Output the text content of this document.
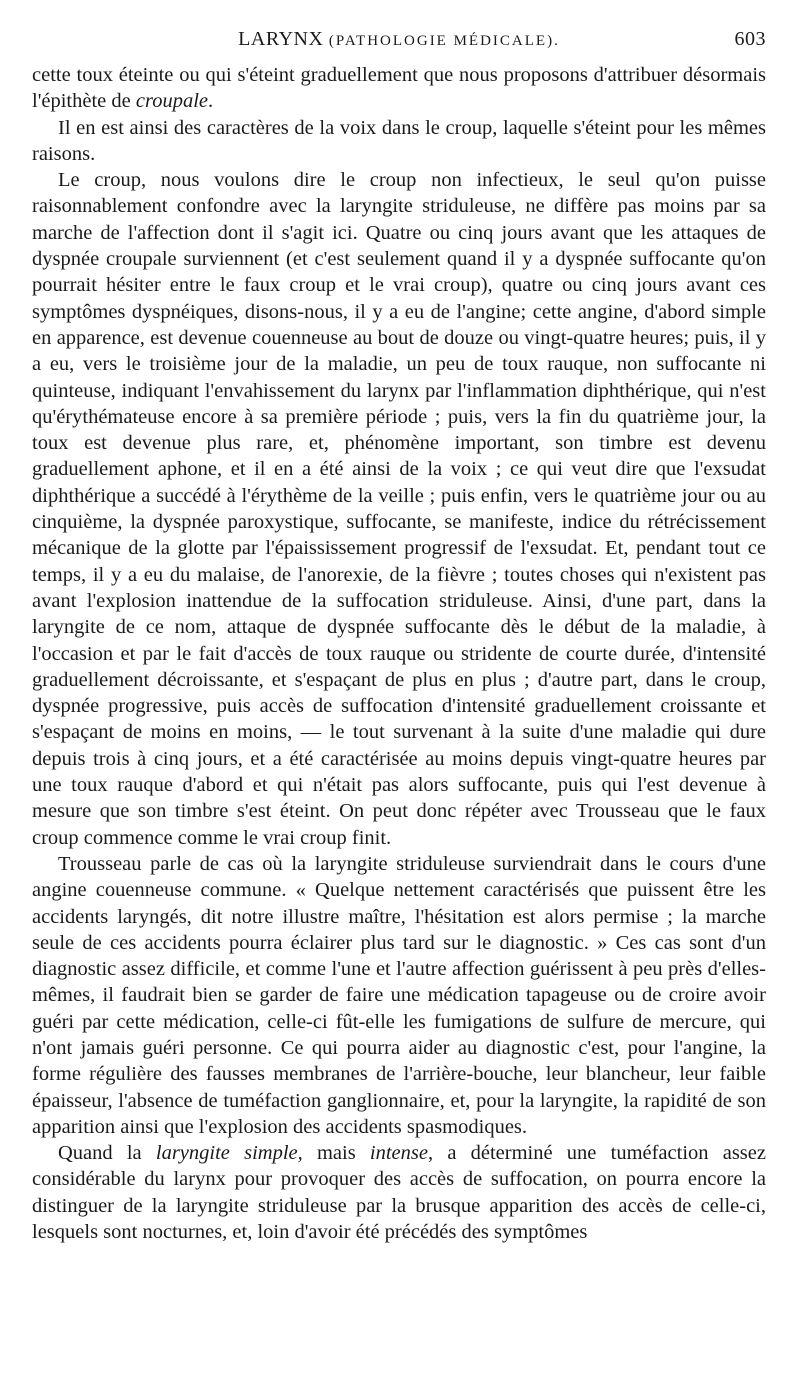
LARYNX (PATHOLOGIE MÉDICALE).	603

cette toux éteinte ou qui s'éteint graduellement que nous proposons d'attribuer désormais l'épithète de croupale.

Il en est ainsi des caractères de la voix dans le croup, laquelle s'éteint pour les mêmes raisons.

Le croup, nous voulons dire le croup non infectieux, le seul qu'on puisse raisonnablement confondre avec la laryngite striduleuse, ne diffère pas moins par sa marche de l'affection dont il s'agit ici. Quatre ou cinq jours avant que les attaques de dyspnée croupale surviennent (et c'est seulement quand il y a dyspnée suffocante qu'on pourrait hésiter entre le faux croup et le vrai croup), quatre ou cinq jours avant ces symptômes dyspnéiques, disons-nous, il y a eu de l'angine; cette angine, d'abord simple en apparence, est devenue couenneuse au bout de douze ou vingt-quatre heures; puis, il y a eu, vers le troisième jour de la maladie, un peu de toux rauque, non suffocante ni quinteuse, indiquant l'envahissement du larynx par l'inflammation diphthérique, qui n'est qu'érythémateuse encore à sa première période ; puis, vers la fin du quatrième jour, la toux est devenue plus rare, et, phénomène important, son timbre est devenu graduellement aphone, et il en a été ainsi de la voix ; ce qui veut dire que l'exsudat diphthérique a succédé à l'érythème de la veille ; puis enfin, vers le quatrième jour ou au cinquième, la dyspnée paroxystique, suffocante, se manifeste, indice du rétrécissement mécanique de la glotte par l'épaississement progressif de l'exsudat. Et, pendant tout ce temps, il y a eu du malaise, de l'anorexie, de la fièvre ; toutes choses qui n'existent pas avant l'explosion inattendue de la suffocation striduleuse. Ainsi, d'une part, dans la laryngite de ce nom, attaque de dyspnée suffocante dès le début de la maladie, à l'occasion et par le fait d'accès de toux rauque ou stridente de courte durée, d'intensité graduellement décroissante, et s'espaçant de plus en plus ; d'autre part, dans le croup, dyspnée progressive, puis accès de suffocation d'intensité graduellement croissante et s'espaçant de moins en moins, — le tout survenant à la suite d'une maladie qui dure depuis trois à cinq jours, et a été caractérisée au moins depuis vingt-quatre heures par une toux rauque d'abord et qui n'était pas alors suffocante, puis qui l'est devenue à mesure que son timbre s'est éteint. On peut donc répéter avec Trousseau que le faux croup commence comme le vrai croup finit.

Trousseau parle de cas où la laryngite striduleuse surviendrait dans le cours d'une angine couenneuse commune. « Quelque nettement caractérisés que puissent être les accidents laryngés, dit notre illustre maître, l'hésitation est alors permise ; la marche seule de ces accidents pourra éclairer plus tard sur le diagnostic. » Ces cas sont d'un diagnostic assez difficile, et comme l'une et l'autre affection guérissent à peu près d'elles-mêmes, il faudrait bien se garder de faire une médication tapageuse ou de croire avoir guéri par cette médication, celle-ci fût-elle les fumigations de sulfure de mercure, qui n'ont jamais guéri personne. Ce qui pourra aider au diagnostic c'est, pour l'angine, la forme régulière des fausses membranes de l'arrière-bouche, leur blancheur, leur faible épaisseur, l'absence de tuméfaction ganglionnaire, et, pour la laryngite, la rapidité de son apparition ainsi que l'explosion des accidents spasmodiques.

Quand la laryngite simple, mais intense, a déterminé une tuméfaction assez considérable du larynx pour provoquer des accès de suffocation, on pourra encore la distinguer de la laryngite striduleuse par la brusque apparition des accès de celle-ci, lesquels sont nocturnes, et, loin d'avoir été précédés des symptômes
